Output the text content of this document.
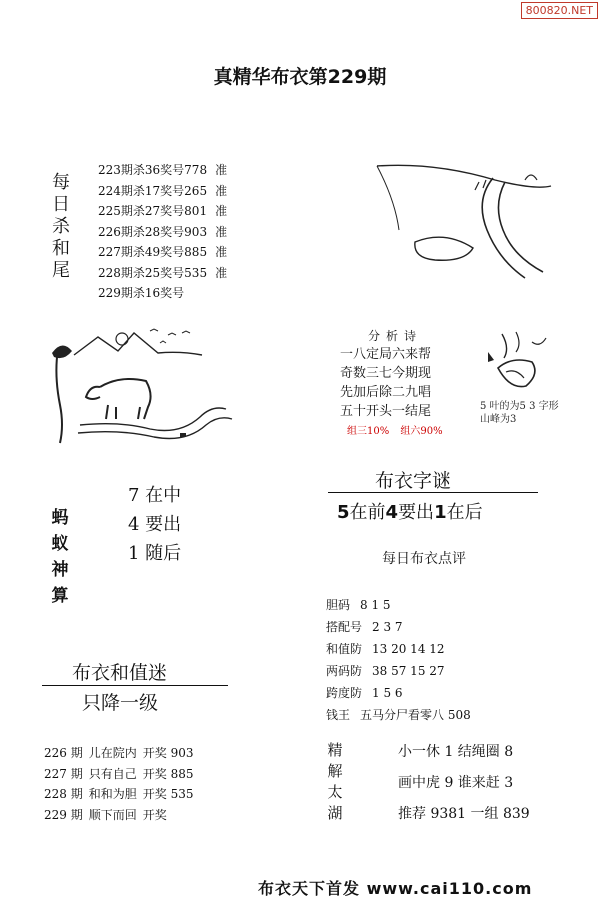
800820.NET
真精华布衣第229期
每
日
杀
和
尾
223期杀36奖号778 准
224期杀17奖号265 准
225期杀27奖号801 准
226期杀28奖号903 准
227期杀49奖号885 准
228期杀25奖号535 准
229期杀16奖号
分析诗
一八定局六来帮
奇数三七今期现
先加后除二九唱
五十开头一结尾
组三10% 组六90%
5 叶的为5 3 字形
山峰为3
蚂
蚁
神
算
7 在中
4 要出
1 随后
布衣字谜
5在前4要出1在后
每日布衣点评
胆码 8 1 5
搭配号 2 3 7
和值防 13 20 14 12
两码防 38 57 15 27
跨度防 1 5 6
钱王 五马分尸看零八 508
布衣和值迷
只降一级
226 期 儿在院内 开奖 903
227 期 只有自己 开奖 885
228 期 和和为胆 开奖 535
229 期 顺下而回 开奖
精
解
太
湖
小一休 1 结绳圈 8
画中虎 9 谁来赶 3
推荐 9381 一组 839
布衣天下首发 www.cai110.com
